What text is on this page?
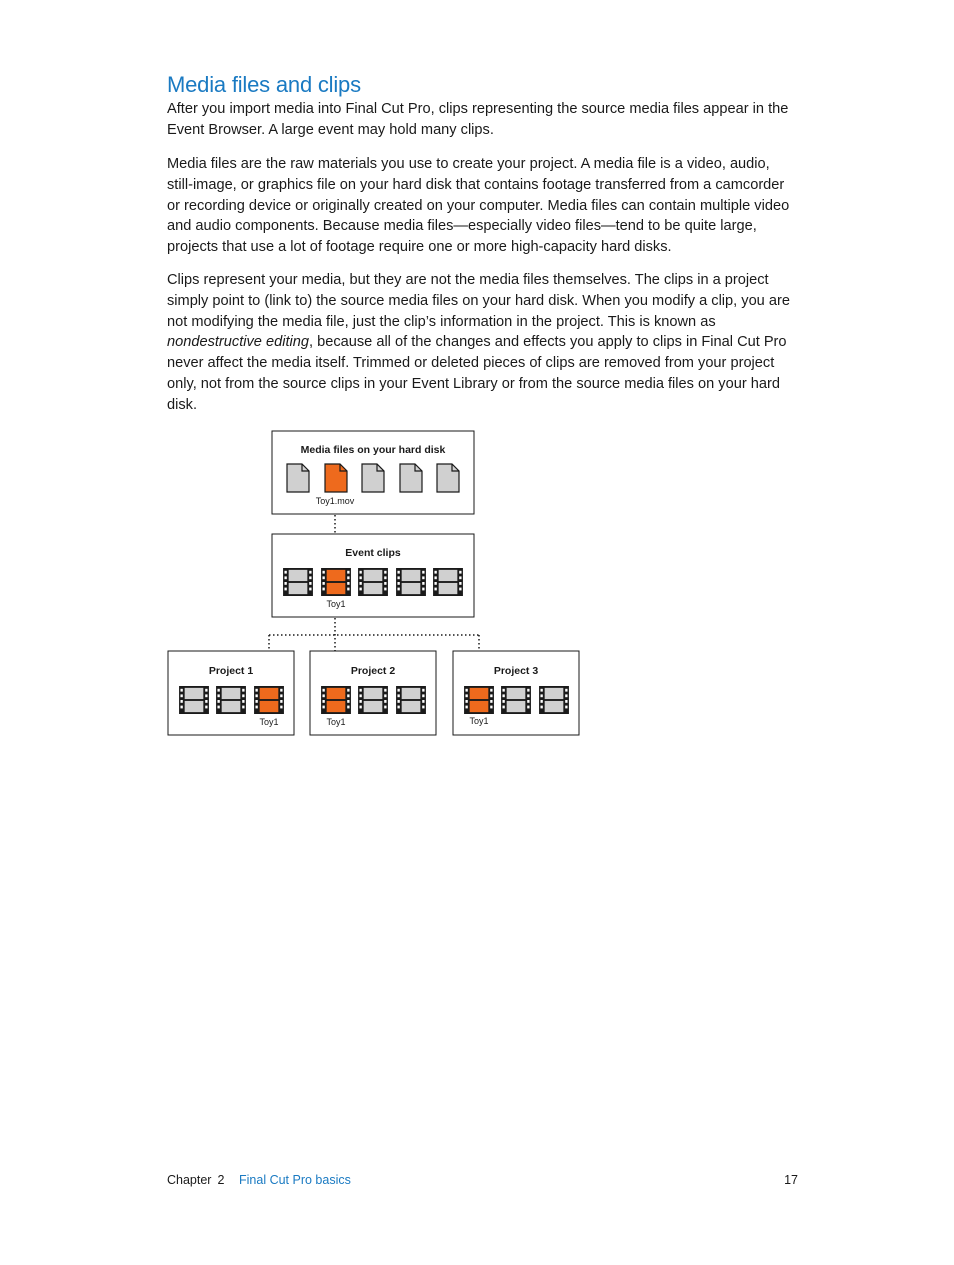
Media files and clips

After you import media into Final Cut Pro, clips representing the source media files appear in the Event Browser. A large event may hold many clips.

Media files are the raw materials you use to create your project. A media file is a video, audio, still-image, or graphics file on your hard disk that contains footage transferred from a camcorder or recording device or originally created on your computer. Media files can contain multiple video and audio components. Because media files—especially video files—tend to be quite large, projects that use a lot of footage require one or more high-capacity hard disks.

Clips represent your media, but they are not the media files themselves. The clips in a project simply point to (link to) the source media files on your hard disk. When you modify a clip, you are not modifying the media file, just the clip’s information in the project. This is known as nondestructive editing, because all of the changes and effects you apply to clips in Final Cut Pro never affect the media itself. Trimmed or deleted pieces of clips are removed from your project only, not from the source clips in your Event Library or from the source media files on your hard disk.

Media files on your hard disk
Toy1.mov
Event clips
Toy1
Project 1
Toy1
Project 2
Toy1
Project 3
Toy1
Chapter 2 Final Cut Pro basics	17
